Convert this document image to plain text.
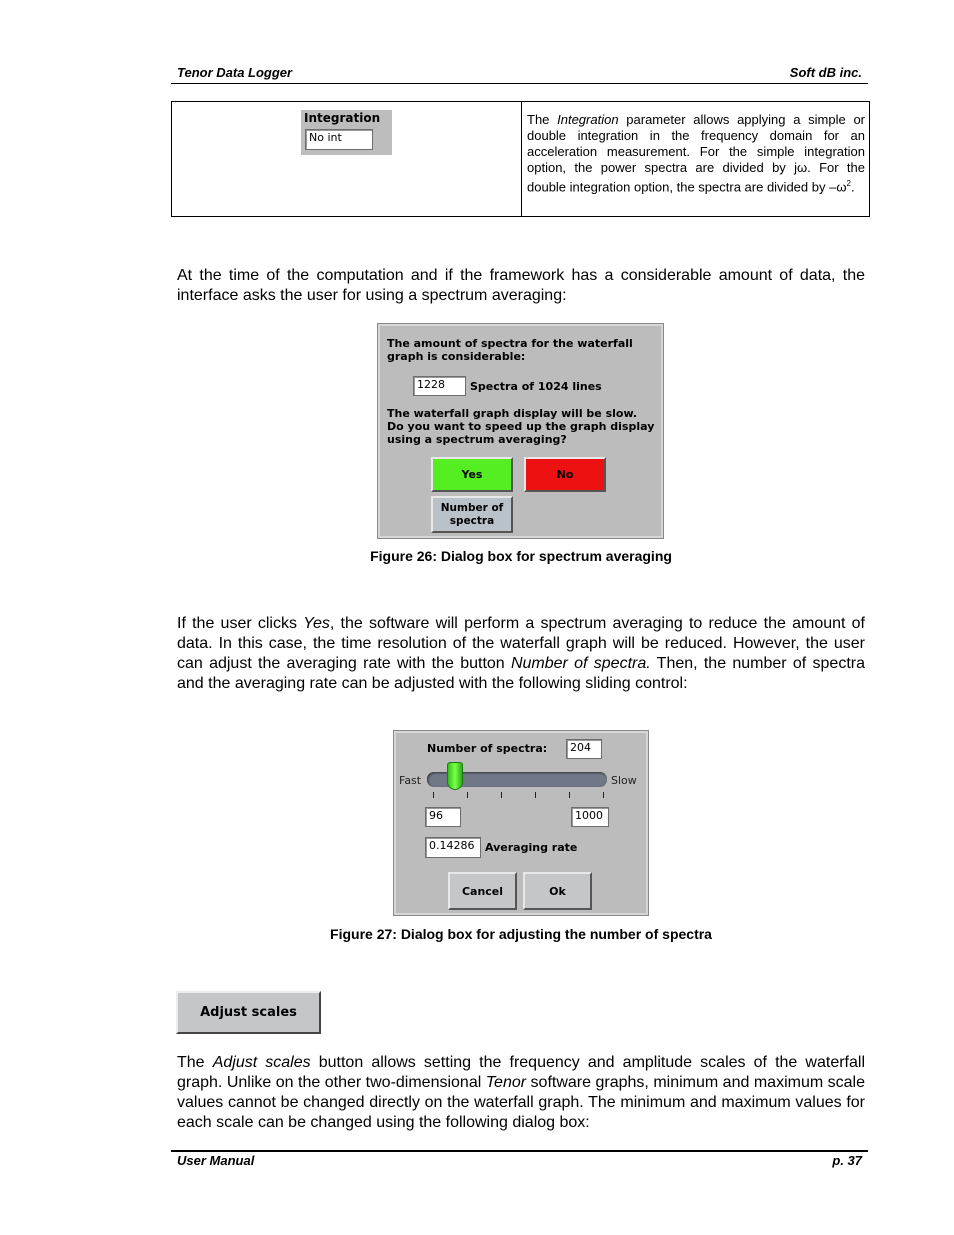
Tenor Data Logger	Soft dB inc.
Integration
No int
The Integration parameter allows applying a simple or double integration in the frequency domain for an acceleration measurement. For the simple integration option, the power spectra are divided by jω. For the double integration option, the spectra are divided by $-\omega^2$.
At the time of the computation and if the framework has a considerable amount of data, the interface asks the user for using a spectrum averaging:
The amount of spectra for the waterfall graph is considerable:
1228	Spectra of 1024 lines
The waterfall graph display will be slow. Do you want to speed up the graph display using a spectrum averaging?
Yes	No
Number of spectra
Figure 26: Dialog box for spectrum averaging
If the user clicks Yes, the software will perform a spectrum averaging to reduce the amount of data. In this case, the time resolution of the waterfall graph will be reduced. However, the user can adjust the averaging rate with the button Number of spectra. Then, the number of spectra and the averaging rate can be adjusted with the following sliding control:
Number of spectra:	204
Fast	Slow
96	1000
0.14286 Averaging rate
Cancel	Ok
Figure 27: Dialog box for adjusting the number of spectra
Adjust scales
The Adjust scales button allows setting the frequency and amplitude scales of the waterfall graph. Unlike on the other two-dimensional Tenor software graphs, minimum and maximum scale values cannot be changed directly on the waterfall graph. The minimum and maximum values for each scale can be changed using the following dialog box:
User Manual	p. 37
